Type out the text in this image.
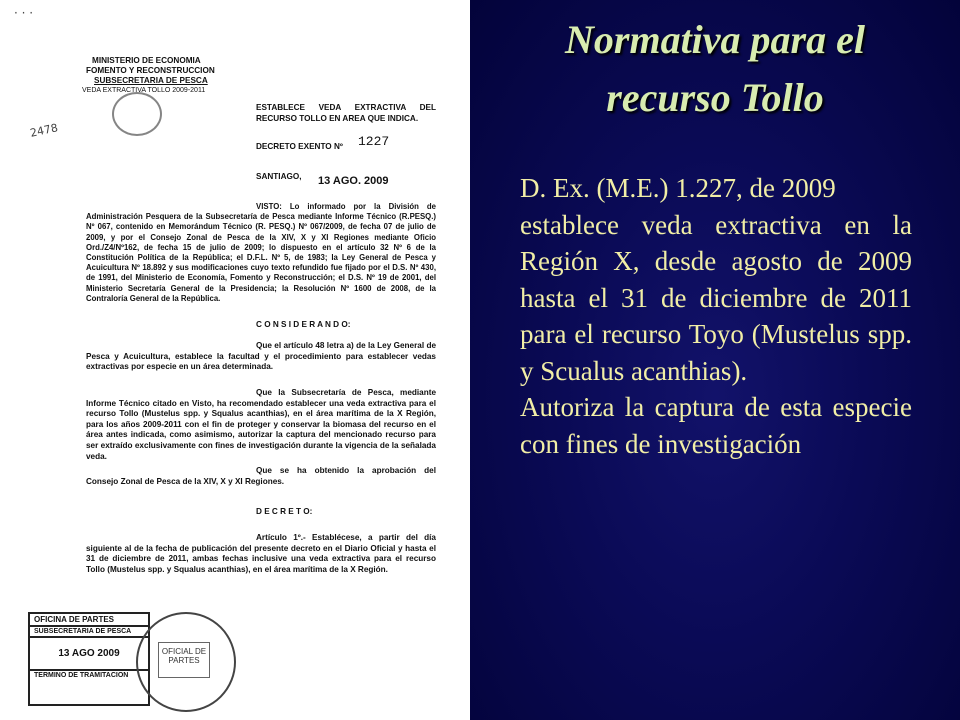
· · ·
2478
MINISTERIO DE ECONOMIA
FOMENTO Y RECONSTRUCCION
SUBSECRETARIA DE PESCA
VEDA EXTRACTIVA TOLLO 2009-2011
ESTABLECE VEDA EXTRACTIVA DEL RECURSO TOLLO EN AREA QUE INDICA.
DECRETO EXENTO Nº 1227
SANTIAGO, 13 AGO. 2009
VISTO: Lo informado por la División de Administración Pesquera de la Subsecretaría de Pesca mediante Informe Técnico (R.PESQ.) Nº 067, contenido en Memorándum Técnico (R. PESQ.) Nº 067/2009, de fecha 07 de julio de 2009, y por el Consejo Zonal de Pesca de la XIV, X y XI Regiones mediante Oficio Ord./Z4/Nº162, de fecha 15 de julio de 2009; lo dispuesto en el artículo 32 Nº 6 de la Constitución Política de la República; el D.F.L. Nº 5, de 1983; la Ley General de Pesca y Acuicultura Nº 18.892 y sus modificaciones cuyo texto refundido fue fijado por el D.S. Nº 430, de 1991, del Ministerio de Economía, Fomento y Reconstrucción; el D.S. Nº 19 de 2001, del Ministerio Secretaría General de la Presidencia; la Resolución Nº 1600 de 2008, de la Contraloría General de la República.
C O N S I D E R A N D O:
Que el artículo 48 letra a) de la Ley General de Pesca y Acuicultura, establece la facultad y el procedimiento para establecer vedas extractivas por especie en un área determinada.
Que la Subsecretaría de Pesca, mediante Informe Técnico citado en Visto, ha recomendado establecer una veda extractiva para el recurso Tollo (Mustelus spp. y Squalus acanthias), en el área marítima de la X Región, para los años 2009-2011 con el fin de proteger y conservar la biomasa del recurso en el área antes indicada, como asimismo, autorizar la captura del mencionado recurso para ser extraído exclusivamente con fines de investigación durante la vigencia de la señalada veda.
Que se ha obtenido la aprobación del Consejo Zonal de Pesca de la XIV, X y XI Regiones.
D E C R E T O:
Artículo 1º.- Establécese, a partir del día siguiente al de la fecha de publicación del presente decreto en el Diario Oficial y hasta el 31 de diciembre de 2011, ambas fechas inclusive una veda extractiva para el recurso Tollo (Mustelus spp. y Squalus acanthias), en el área marítima de la X Región.
OFICINA DE PARTES
SUBSECRETARIA DE PESCA
13 AGO 2009
TERMINO DE TRAMITACION
OFICIAL DE PARTES
Normativa para el
recurso Tollo

D. Ex. (M.E.) 1.227, de 2009

establece veda extractiva en la Región X, desde agosto de 2009 hasta el 31 de diciembre de 2011 para el recurso Toyo (Mustelus spp. y Scualus acanthias).

Autoriza la captura de esta especie con fines de investigación
